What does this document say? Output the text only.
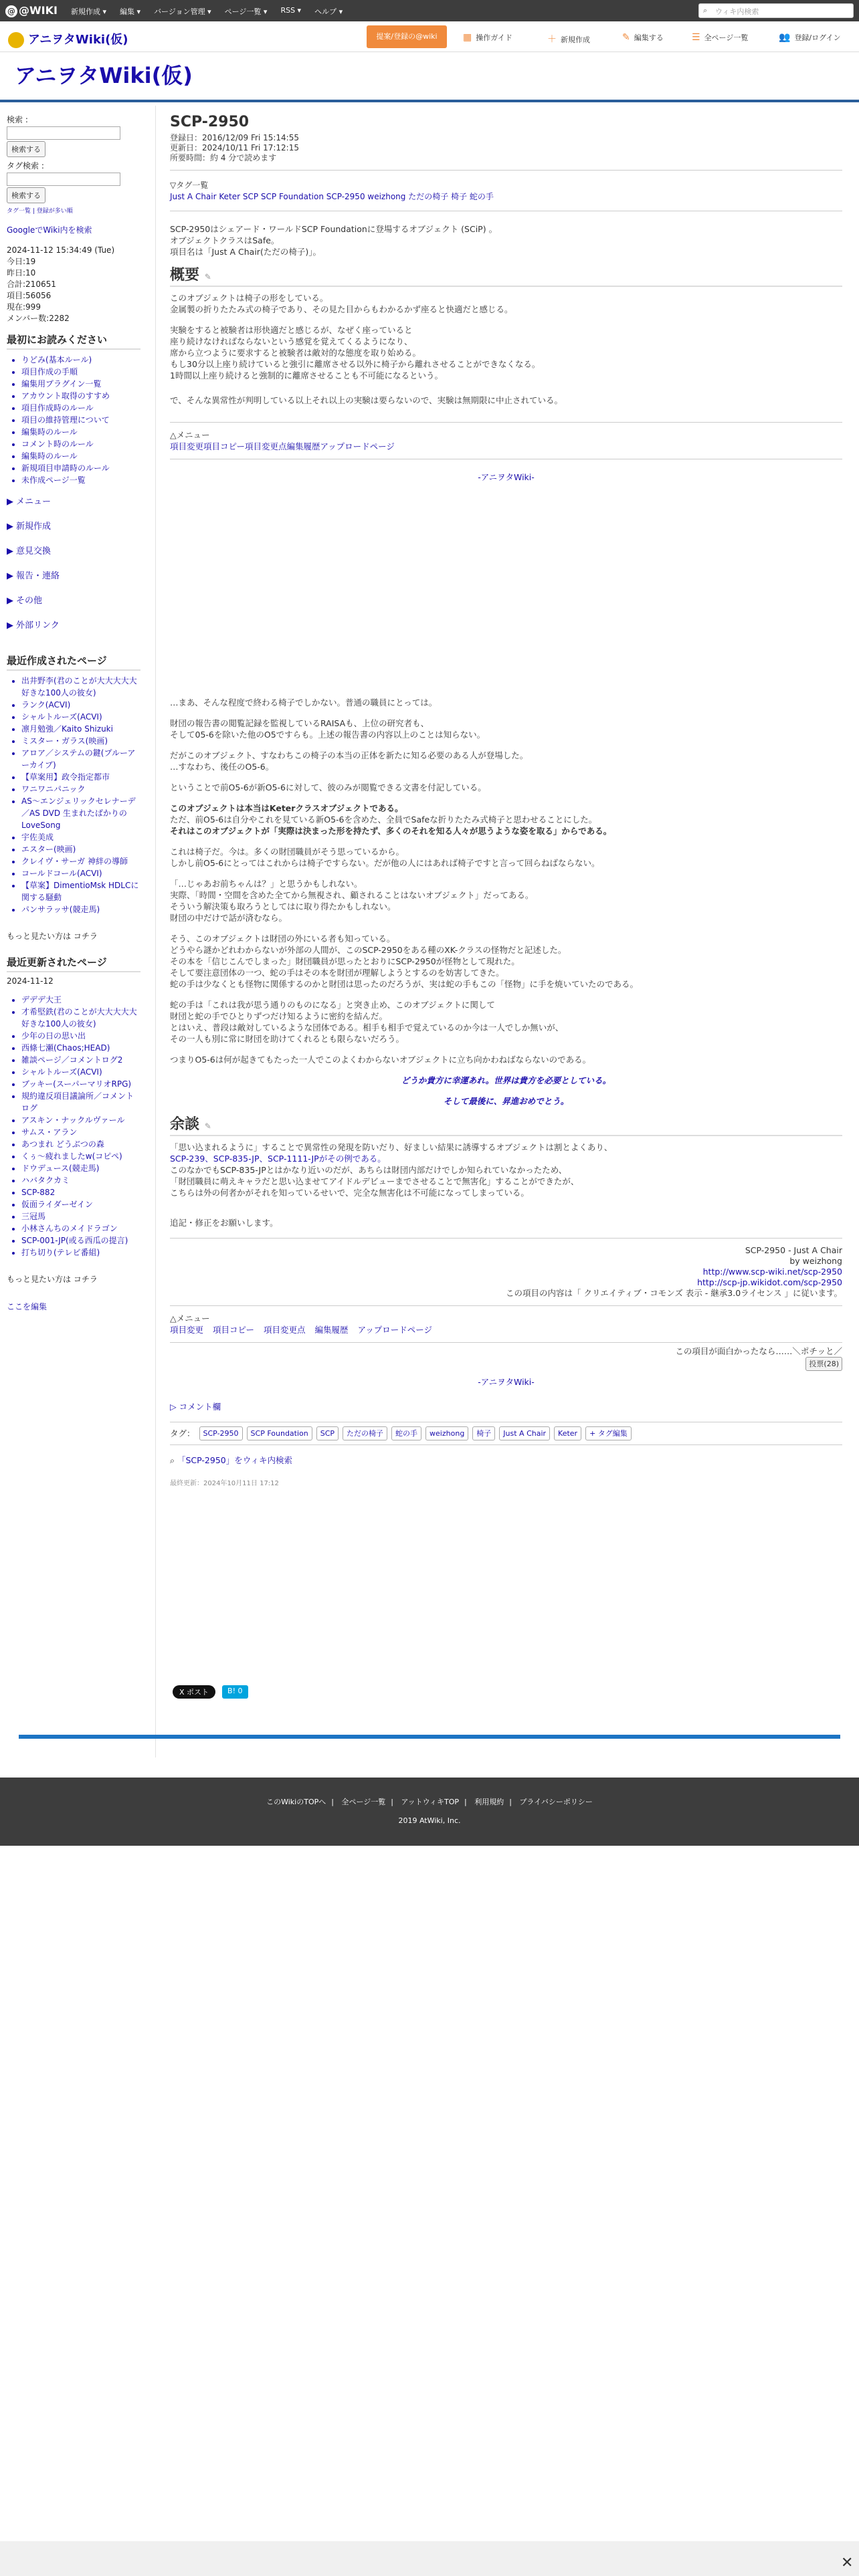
@ @WIKI 新規作成 ▾ 編集 ▾ バージョン管理 ▾ ページ一覧 ▾ RSS ▾ ヘルプ ▾	⌕ ウィキ内検索
アニヲタWiki(仮)	提案/登録の@wiki	▦ 操作ガイド	＋ 新規作成	✎ 編集する	☰ 全ページ一覧	👥 登録/ログイン
アニヲタWiki(仮)
検索 :
検索する
タグ検索 :
検索する
タグ一覧 | 登録が多い順
GoogleでWiki内を検索
2024-11-12 15:34:49 (Tue)
今日:19
昨日:10
合計:210651
項目:56056
現在:999
メンバー数:2282
最初にお読みください
• りどみ(基本ルール)
• 項目作成の手順
• 編集用プラグイン一覧
• アカウント取得のすすめ
• 項目作成時のルール
• 項目の維持管理について
• 編集時のルール
• コメント時のルール
• 編集時のルール
• 新規項目申請時のルール
• 未作成ページ一覧
▶ メニュー
▶ 新規作成
▶ 意見交換
▶ 報告・連絡
▶ その他
▶ 外部リンク
最近作成されたページ
• 出井野李(君のことが大大大大大好きな100人の彼女)
• ランク(ACVI)
• シャルトルーズ(ACVI)
• 凛月勉強／Kaito Shizuki
• ミスター・ガラス(映画)
• アロア／システムの鍵(プルーアーカイブ)
• 【草案用】政令指定都市
• ワニワニパニック
• AS〜エンジェリックセレナーデ／AS DVD 生まれたばかりのLoveSong
• 宇佐美成
• エスター(映画)
• クレイヴ・サーガ 神絆の導師
• コールドコール(ACVI)
• 【草案】DimentioMsk HDLCに関する騒動
• パンサラッサ(競走馬)
もっと見たい方は コチラ
最近更新されたページ
2024-11-12
• デデデ大王
• 才希堅鉄(君のことが大大大大大好きな100人の彼女)
• 少年の日の思い出
• 西條七瀬(Chaos;HEAD)
• 雑談ページ／コメントログ2
• シャルトルーズ(ACVI)
• ブッキー(スーパーマリオRPG)
• 規約違反項目議論所／コメントログ
• アスキン・ナックルヴァール
• サムス・アラン
• あつまれ どうぶつの森
• くぅ〜疲れましたw(コピペ)
• ドウデュース(競走馬)
• ハバタクカミ
• SCP-882
• 仮面ライダーゼイン
• 三冠馬
• 小林さんちのメイドラゴン
• SCP-001-JP(或る西瓜の提言)
• 打ち切り(テレビ番組)
もっと見たい方は コチラ
ここを編集
SCP-2950
登録日：2016/12/09 Fri 15:14:55
更新日：2024/10/11 Fri 17:12:15
所要時間：約 4 分で読めます
▽タグ一覧
Just A Chair Keter SCP SCP Foundation SCP-2950 weizhong ただの椅子 椅子 蛇の手

SCP-2950はシェアード・ワールドSCP Foundationに登場するオブジェクト (SCiP) 。
オブジェクトクラスはSafe。
項目名は「Just A Chair(ただの椅子)」。

概要 ✎

このオブジェクトは椅子の形をしている。
金属製の折りたたみ式の椅子であり、その見た目からもわかるかず座ると快適だと感じる。

実験をすると被験者は形快適だと感じるが、なぜく座っていると
座り続けなければならないという感覚を覚えてくるようになり、
席から立つように要求すると被験者は敵対的な態度を取り始める。
もし30分以上座り続けていると強引に離席させる以外に椅子から離れさせることができなくなる。
1時間以上座り続けると強制的に離席させることも不可能になるという。

で、そんな異常性が判明している以上それ以上の実験は要らないので、実験は無期限に中止されている。

△メニュー
項目変更項目コピー項目変更点編集履歴アップロードページ
-アニヲタWiki-

…まあ、そんな程度で終わる椅子でしかない。普通の職員にとっては。

財団の報告書の閲覧記録を監視しているRAISAも、上位の研究者も、
そして05-6を除いた他のO5ですらも。上述の報告書の内容以上のことは知らない。

だがこのオブジェクト、すなわちこの椅子の本当の正体を新たに知る必要のある人が登場した。
…すなわち、後任のO5-6。

ということで前O5-6が新O5-6に対して、彼のみが閲覧できる文書を付記している。

このオブジェクトは本当はKeterクラスオブジェクトである。
ただ、前O5-6は自分やこれを見ている新O5-6を含めた、全員でSafeな折りたたみ式椅子と思わせることにした。
それはこのオブジェクトが「実際は決まった形を持たず、多くのそれを知る人々が思うような姿を取る」からである。

これは椅子だ。今は。多くの財団職員がそう思っているから。
しかし前O5-6にとってはこれからは椅子ですらない。だが他の人にはあれば椅子ですと言って回らねばならない。

「…じゃあお前ちゃんは？」と思うかもしれない。
実際、「時間・空間を含めた全てから無視され、顧されることはないオブジェクト」だってある。
そういう解決策も取ろうとしてはに取り得たかもしれない。
財団の中だけで話が済むなら。

そう、このオブジェクトは財団の外にいる者も知っている。
どうやら謎かどれわからないが外部の人間が、このSCP-2950をある種のXK-クラスの怪物だと記述した。
その本を「信じこんでしまった」財団職員が思ったとおりにSCP-2950が怪物として現れた。
そして要注意団体の一つ、蛇の手はその本を財団が理解しようとするのを妨害してきた。
蛇の手は少なくとも怪物に関係するのかと財団は思ったのだろうが、実は蛇の手もこの「怪物」に手を焼いていたのである。

蛇の手は「これは我が思う通りのものになる」と突き止め、このオブジェクトに関して
財団と蛇の手でひとりずつだけ知るように密約を結んだ。
とはいえ、普段は敵対しているような団体である。相手も相手で覚えているのか今は一人でしか無いが、
その一人も別に常に財団を助けてくれるとも限らないだろう。

つまりO5-6は何が起きてもたった一人でこのよくわからないオブジェクトに立ち向かわねばならないのである。

どうか貴方に幸運あれ。世界は貴方を必要としている。

そして最後に、昇進おめでとう。

余談 ✎

「思い込まれるように」することで異常性の発現を防いだり、好ましい結果に誘導するオブジェクトは割とよくあり、
SCP-239、SCP-835-JP、SCP-1111-JPがその例である。
このなかでもSCP-835-JPとはかなり近いのだが、あちらは財団内部だけでしか知られていなかったため、
「財団職員に萌えキャラだと思い込ませてアイドルデビューまでさせることで無害化」することができたが、
こちらは外の何者かがそれを知っているせいで、完全な無害化は不可能になってしまっている。

追記・修正をお願いします。

SCP-2950 - Just A Chair
by weizhong
http://www.scp-wiki.net/scp-2950
http://scp-jp.wikidot.com/scp-2950
この項目の内容は「 クリエイティブ・コモンズ 表示 - 継承3.0ライセンス 」に従います。
△メニュー
項目変更 項目コピー 項目変更点 編集履歴 アップロードページ
この項目が面白かったなら……＼ポチッと／
投票(28)
-アニヲタWiki-
▷ コメント欄
タグ：	SCP-2950	SCP Foundation	SCP	ただの椅子	蛇の手	weizhong	椅子	Just A Chair	Keter	+ タグ編集
⌕ 「SCP-2950」をウィキ内検索
最終更新：2024年10月11日 17:12
X ポスト	B! 0
このWikiのTOPへ | 全ページ一覧 | アットウィキTOP | 利用規約 | プライバシーポリシー
2019 AtWiki, Inc.
✕
